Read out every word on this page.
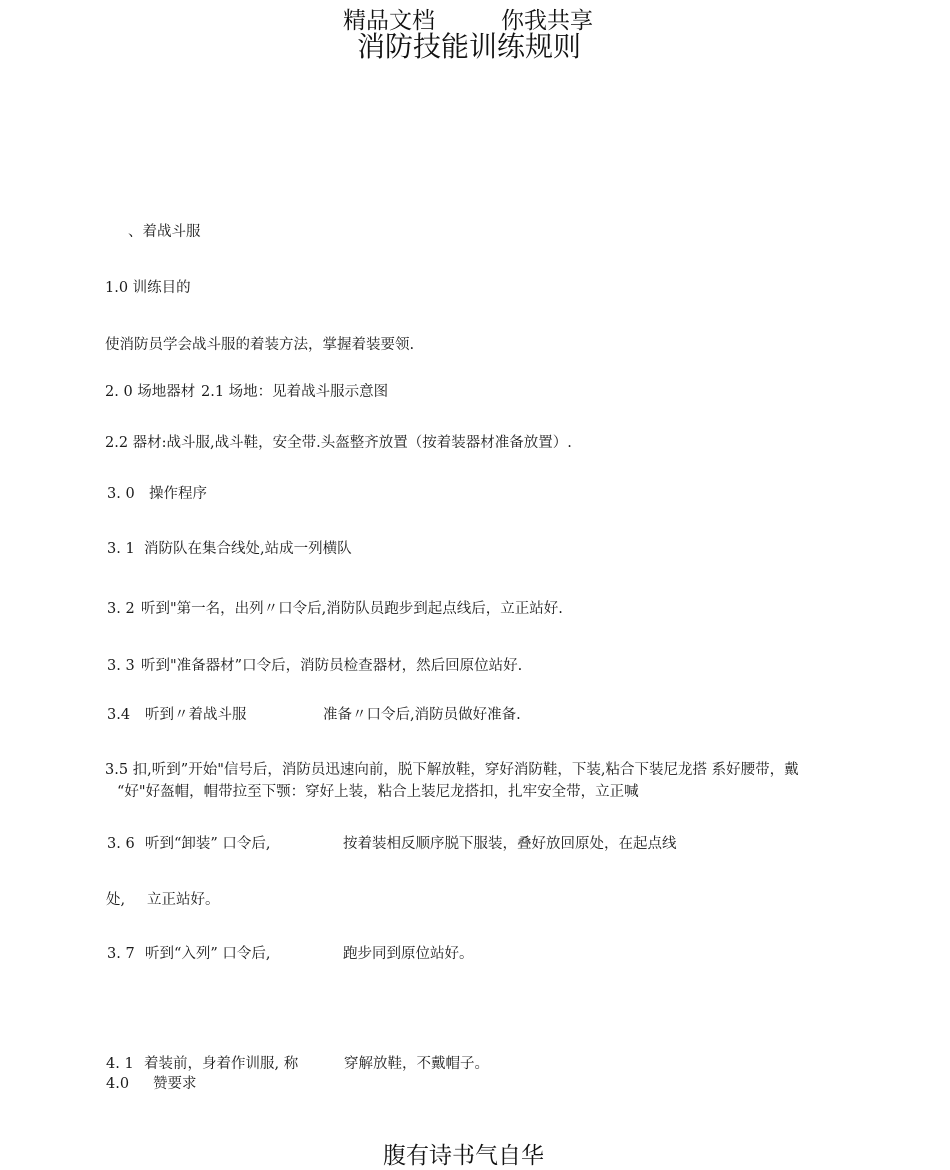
精品文档	你我共享
消防技能训练规则
、着战斗服
1.0 训练目的
使消防员学会战斗服的着装方法，掌握着装要领.
2. 0 场地器材 2.1 场地：见着战斗服示意图
2.2 器材:战斗服,战斗鞋，安全带.头盔整齐放置（按着装器材准备放置）.
3. 0 操作程序
3. 1 消防队在集合线处,站成一列横队
3. 2 听到"第一名，出列〃口令后,消防队员跑步到起点线后，立正站好.
3. 3 听到"准备器材”口令后，消防员检查器材，然后回原位站好.
3.4 听到〃着战斗服	准备〃口令后,消防员做好准备.
3.5 扣,听到”开始"信号后，消防员迅速向前，脱下解放鞋，穿好消防鞋，下装,粘合下装尼龙搭 系好腰带，戴
“好"好盔帽，帽带拉至下颚：穿好上装，粘合上装尼龙搭扣，扎牢安全带，立正喊
3. 6 听到“卸装” 口令后,	按着装相反顺序脱下服装，叠好放回原处，在起点线
处, 立正站好。
3. 7 听到“入列” 口令后,	跑步同到原位站好。
4. 1 着装前，身着作训服, 称	穿解放鞋，不戴帽子。
4.0 赞要求
腹有诗书气自华
